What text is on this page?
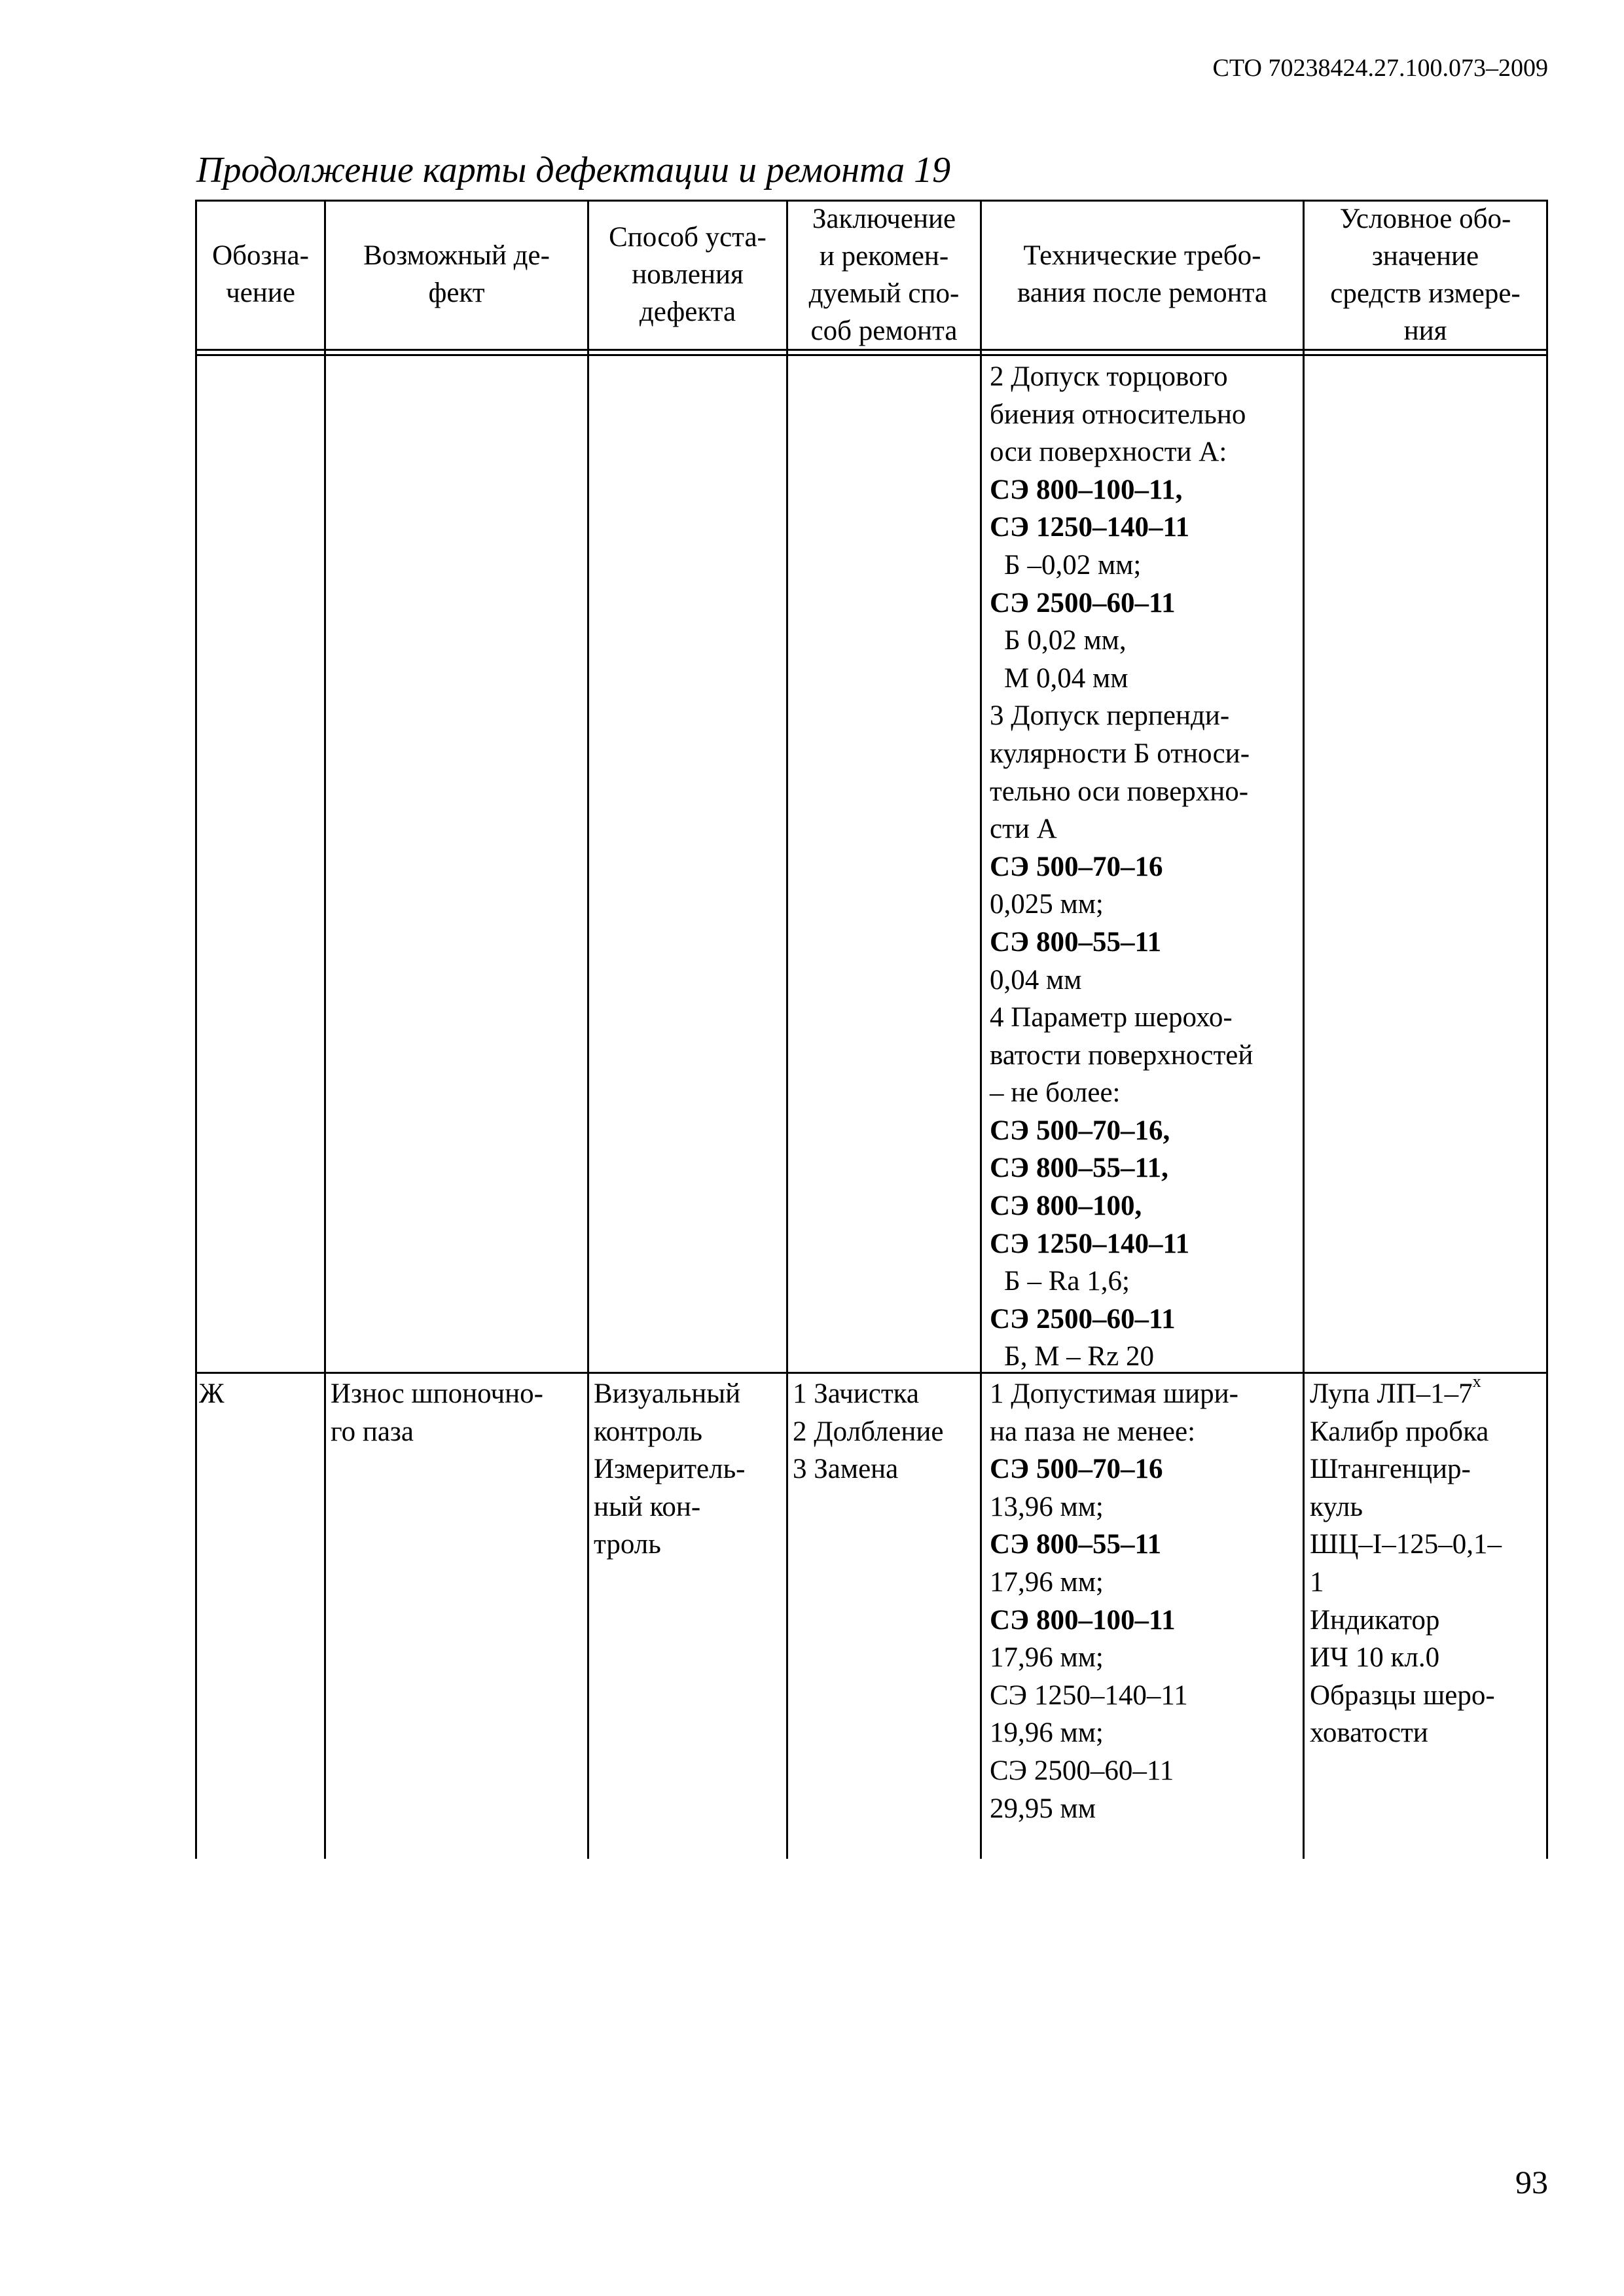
СТО 70238424.27.100.073–2009
Продолжение карты дефектации и ремонта 19
Обозна-
чение
Возможный де-
фект
Способ уста-
новления
дефекта
Заключение
и рекомен-
дуемый спо-
соб ремонта
Технические требо-
вания после ремонта
Условное обо-
значение
средств измере-
ния
2 Допуск торцового
биения относительно
оси поверхности А:
СЭ 800–100–11,
СЭ 1250–140–11
Б –0,02 мм;
СЭ 2500–60–11
Б 0,02 мм,
М 0,04 мм
3 Допуск перпенди-
кулярности Б относи-
тельно оси поверхно-
сти А
СЭ 500–70–16
0,025 мм;
СЭ 800–55–11
0,04 мм
4 Параметр шерохо-
ватости поверхностей
– не более:
СЭ 500–70–16,
СЭ 800–55–11,
СЭ 800–100,
СЭ 1250–140–11
Б – Ra 1,6;
СЭ 2500–60–11
Б, М – Rz 20
Ж	Износ шпоночно-
го паза
Визуальный
контроль
Измеритель-
ный кон-
троль
1 Зачистка
2 Долбление
3 Замена
1 Допустимая шири-
на паза не менее:
СЭ 500–70–16
13,96 мм;
СЭ 800–55–11
17,96 мм;
СЭ 800–100–11
17,96 мм;
СЭ 1250–140–11
19,96 мм;
СЭ 2500–60–11
29,95 мм
Лупа $ЛП-1-7^х$
Калибр пробка
Штангенцир-
куль
ШЦ–I–125–0,1–
1
Индикатор
ИЧ 10 кл.0
Образцы шеро-
ховатости
93
